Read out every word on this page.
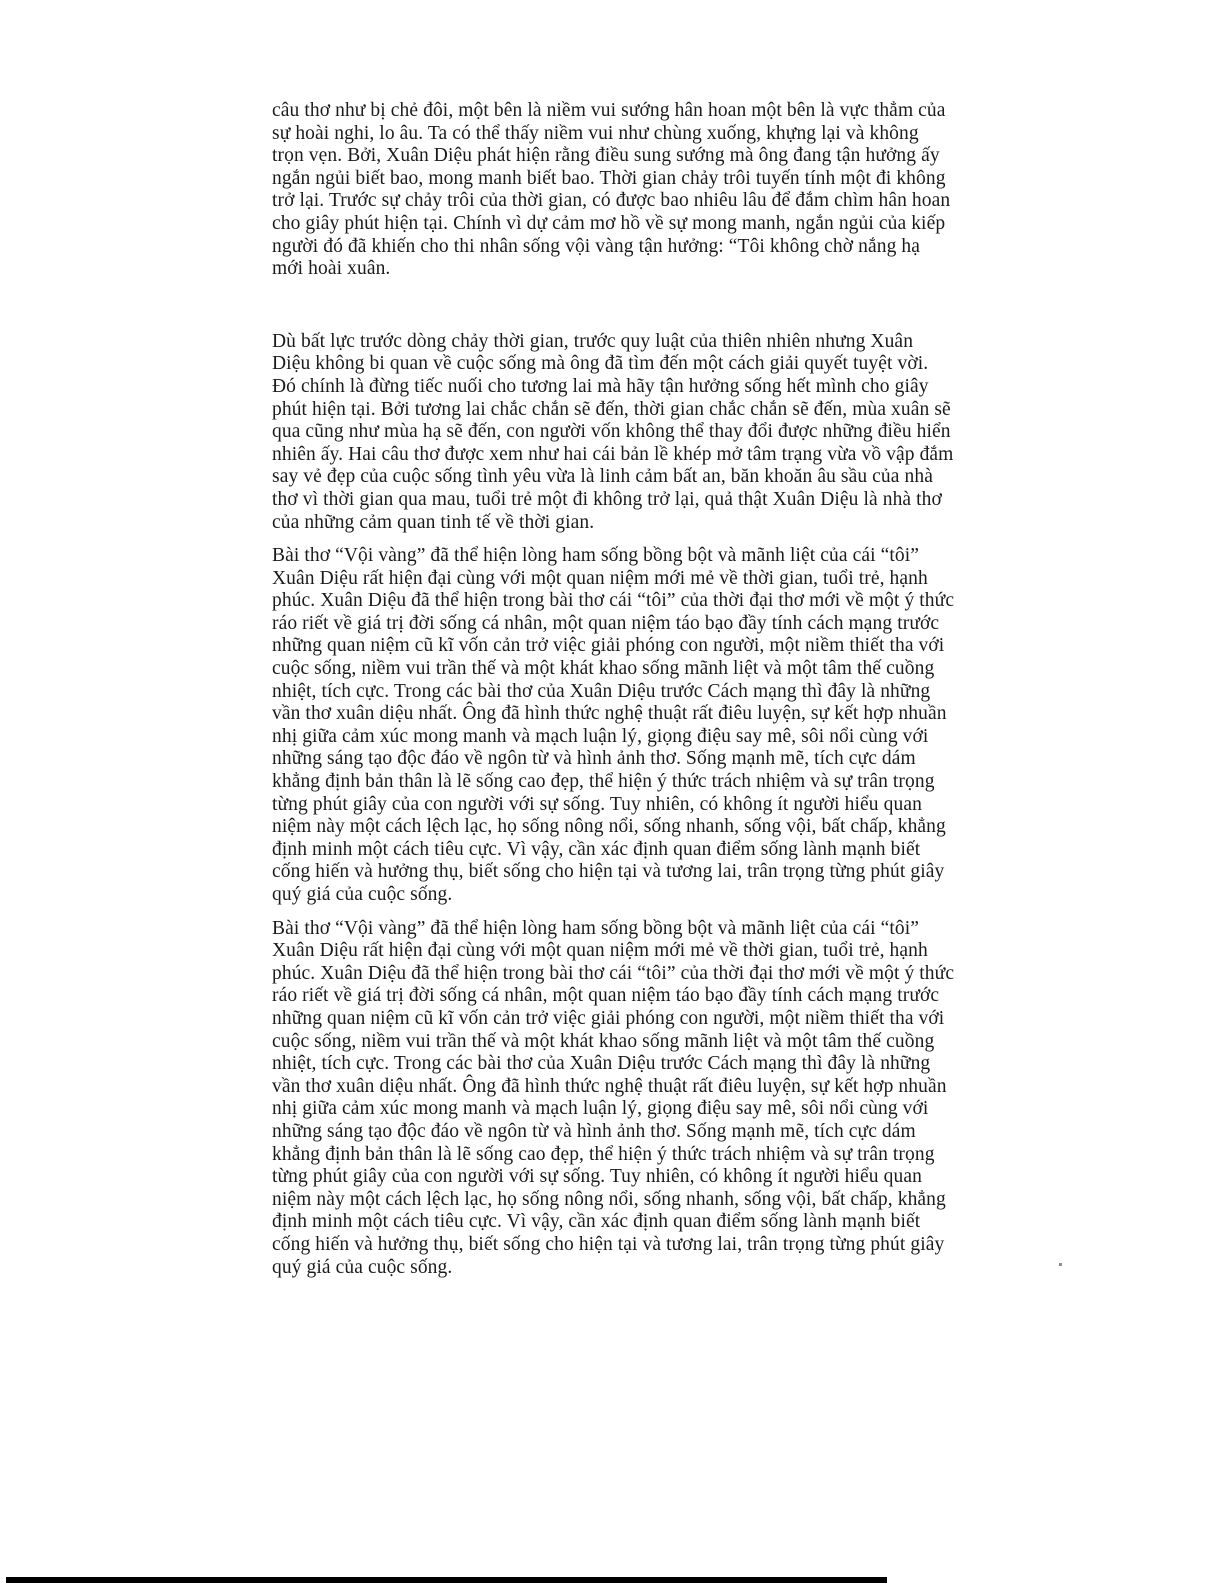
câu thơ như bị chẻ đôi, một bên là niềm vui sướng hân hoan một bên là vực thẳm của sự hoài nghi, lo âu. Ta có thể thấy niềm vui như chùng xuống, khựng lại và không trọn vẹn. Bởi, Xuân Diệu phát hiện rằng điều sung sướng mà ông đang tận hưởng ấy ngắn ngủi biết bao, mong manh biết bao. Thời gian chảy trôi tuyến tính một đi không trở lại. Trước sự chảy trôi của thời gian, có được bao nhiêu lâu để đắm chìm hân hoan cho giây phút hiện tại. Chính vì dự cảm mơ hồ về sự mong manh, ngắn ngủi của kiếp người đó đã khiến cho thi nhân sống vội vàng tận hưởng: “Tôi không chờ nắng hạ mới hoài xuân.

Dù bất lực trước dòng chảy thời gian, trước quy luật của thiên nhiên nhưng Xuân Diệu không bi quan về cuộc sống mà ông đã tìm đến một cách giải quyết tuyệt vời. Đó chính là đừng tiếc nuối cho tương lai mà hãy tận hưởng sống hết mình cho giây phút hiện tại. Bởi tương lai chắc chắn sẽ đến, thời gian chắc chắn sẽ đến, mùa xuân sẽ qua cũng như mùa hạ sẽ đến, con người vốn không thể thay đổi được những điều hiển nhiên ấy. Hai câu thơ được xem như hai cái bản lề khép mở tâm trạng vừa vồ vập đắm say vẻ đẹp của cuộc sống tình yêu vừa là linh cảm bất an, băn khoăn âu sầu của nhà thơ vì thời gian qua mau, tuổi trẻ một đi không trở lại, quả thật Xuân Diệu là nhà thơ của những cảm quan tinh tế về thời gian.

Bài thơ “Vội vàng” đã thể hiện lòng ham sống bồng bột và mãnh liệt của cái “tôi” Xuân Diệu rất hiện đại cùng với một quan niệm mới mẻ về thời gian, tuổi trẻ, hạnh phúc. Xuân Diệu đã thể hiện trong bài thơ cái “tôi” của thời đại thơ mới về một ý thức ráo riết về giá trị đời sống cá nhân, một quan niệm táo bạo đầy tính cách mạng trước những quan niệm cũ kĩ vốn cản trở việc giải phóng con người, một niềm thiết tha với cuộc sống, niềm vui trần thế và một khát khao sống mãnh liệt và một tâm thế cuồng nhiệt, tích cực. Trong các bài thơ của Xuân Diệu trước Cách mạng thì đây là những vần thơ xuân diệu nhất. Ông đã hình thức nghệ thuật rất điêu luyện, sự kết hợp nhuần nhị giữa cảm xúc mong manh và mạch luận lý, giọng điệu say mê, sôi nổi cùng với những sáng tạo độc đáo về ngôn từ và hình ảnh thơ. Sống mạnh mẽ, tích cực dám khẳng định bản thân là lẽ sống cao đẹp, thể hiện ý thức trách nhiệm và sự trân trọng từng phút giây của con người với sự sống. Tuy nhiên, có không ít người hiểu quan niệm này một cách lệch lạc, họ sống nông nổi, sống nhanh, sống vội, bất chấp, khẳng định minh một cách tiêu cực. Vì vậy, cần xác định quan điểm sống lành mạnh biết cống hiến và hưởng thụ, biết sống cho hiện tại và tương lai, trân trọng từng phút giây quý giá của cuộc sống.

Bài thơ “Vội vàng” đã thể hiện lòng ham sống bồng bột và mãnh liệt của cái “tôi” Xuân Diệu rất hiện đại cùng với một quan niệm mới mẻ về thời gian, tuổi trẻ, hạnh phúc. Xuân Diệu đã thể hiện trong bài thơ cái “tôi” của thời đại thơ mới về một ý thức ráo riết về giá trị đời sống cá nhân, một quan niệm táo bạo đầy tính cách mạng trước những quan niệm cũ kĩ vốn cản trở việc giải phóng con người, một niềm thiết tha với cuộc sống, niềm vui trần thế và một khát khao sống mãnh liệt và một tâm thế cuồng nhiệt, tích cực. Trong các bài thơ của Xuân Diệu trước Cách mạng thì đây là những vần thơ xuân diệu nhất. Ông đã hình thức nghệ thuật rất điêu luyện, sự kết hợp nhuần nhị giữa cảm xúc mong manh và mạch luận lý, giọng điệu say mê, sôi nổi cùng với những sáng tạo độc đáo về ngôn từ và hình ảnh thơ. Sống mạnh mẽ, tích cực dám khẳng định bản thân là lẽ sống cao đẹp, thể hiện ý thức trách nhiệm và sự trân trọng từng phút giây của con người với sự sống. Tuy nhiên, có không ít người hiểu quan niệm này một cách lệch lạc, họ sống nông nổi, sống nhanh, sống vội, bất chấp, khẳng định minh một cách tiêu cực. Vì vậy, cần xác định quan điểm sống lành mạnh biết cống hiến và hưởng thụ, biết sống cho hiện tại và tương lai, trân trọng từng phút giây quý giá của cuộc sống.
